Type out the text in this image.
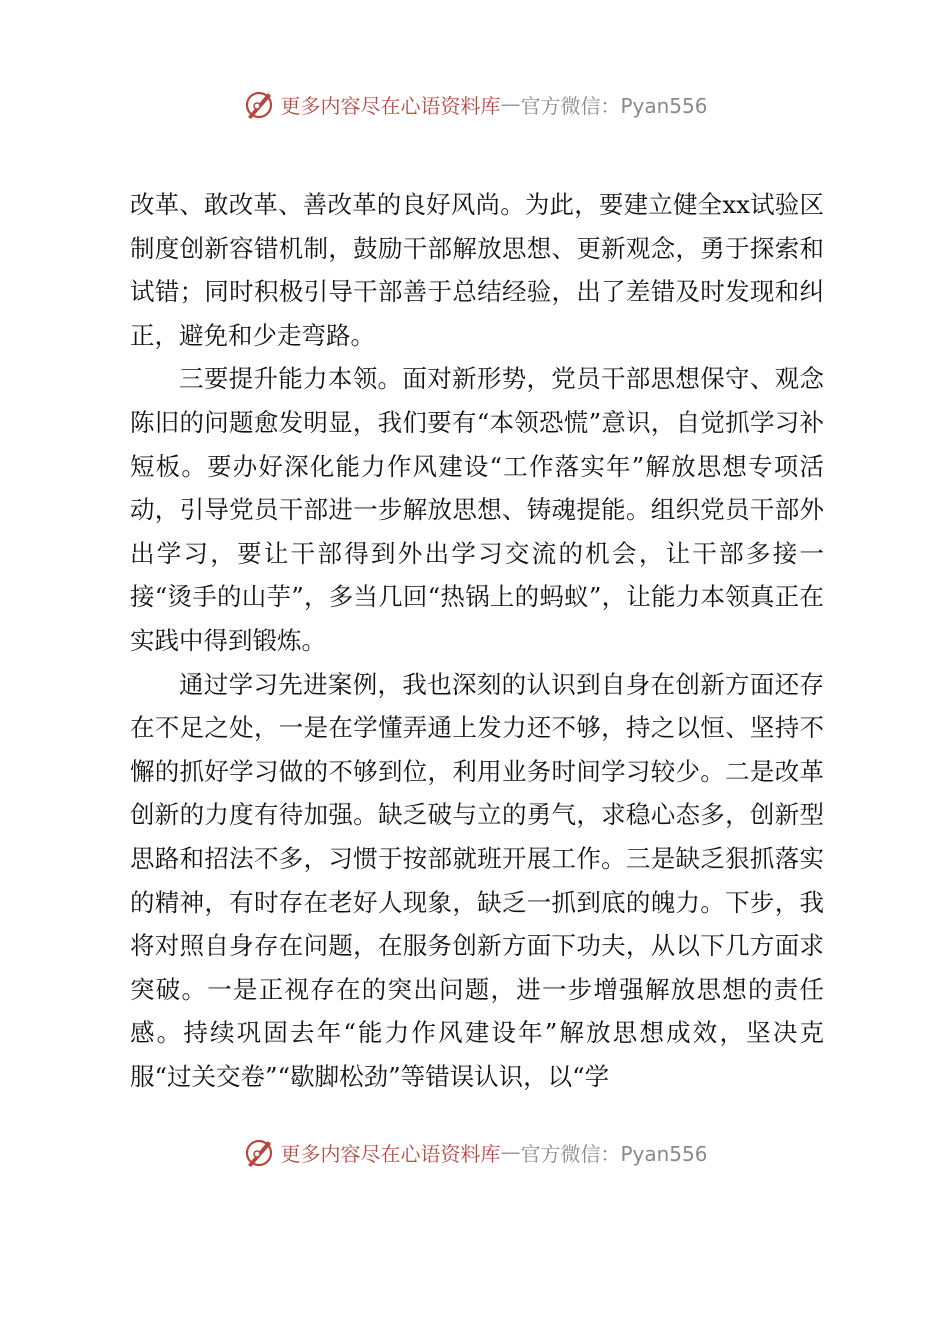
更多内容尽在心语资料库 — 官方微信：Pyan556

改革、敢改革、善改革的良好风尚。为此，要建立健全xx试验区制度创新容错机制，鼓励干部解放思想、更新观念，勇于探索和试错；同时积极引导干部善于总结经验，出了差错及时发现和纠正，避免和少走弯路。

三要提升能力本领。面对新形势，党员干部思想保守、观念陈旧的问题愈发明显，我们要有“本领恐慌”意识，自觉抓学习补短板。要办好深化能力作风建设“工作落实年”解放思想专项活动，引导党员干部进一步解放思想、铸魂提能。组织党员干部外出学习，要让干部得到外出学习交流的机会，让干部多接一接“烫手的山芋”，多当几回“热锅上的蚂蚁”，让能力本领真正在实践中得到锻炼。

通过学习先进案例，我也深刻的认识到自身在创新方面还存在不足之处，一是在学懂弄通上发力还不够，持之以恒、坚持不懈的抓好学习做的不够到位，利用业务时间学习较少。二是改革创新的力度有待加强。缺乏破与立的勇气，求稳心态多，创新型思路和招法不多，习惯于按部就班开展工作。三是缺乏狠抓落实的精神，有时存在老好人现象，缺乏一抓到底的魄力。下步，我将对照自身存在问题，在服务创新方面下功夫，从以下几方面求突破。一是正视存在的突出问题，进一步增强解放思想的责任感。持续巩固去年“能力作风建设年”解放思想成效，坚决克服“过关交卷”“歇脚松劲”等错误认识，以“学

更多内容尽在心语资料库 — 官方微信：Pyan556
